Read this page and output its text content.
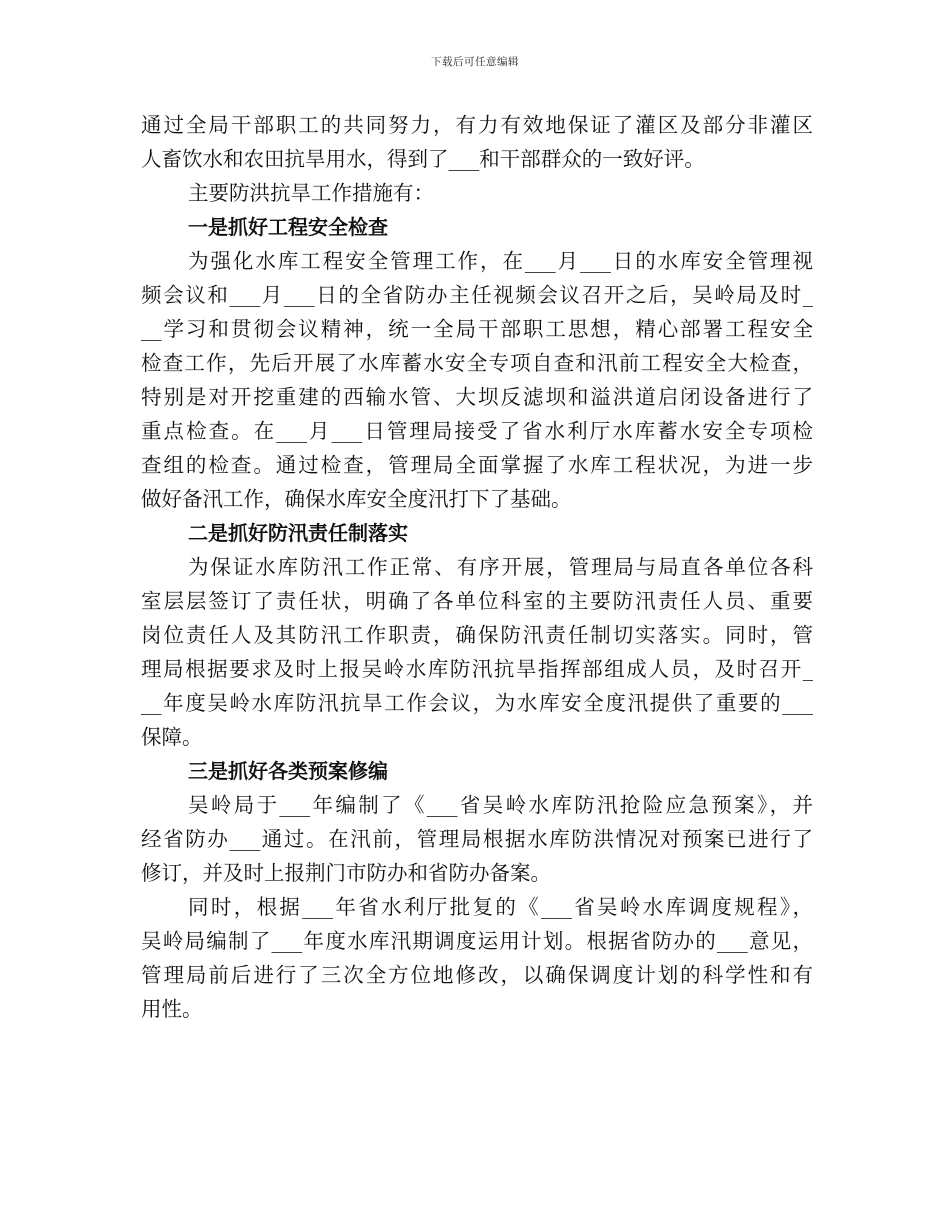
下载后可任意编辑
通过全局干部职工的共同努力，有力有效地保证了灌区及部分非灌区
人畜饮水和农田抗旱用水，得到了___和干部群众的一致好评。
主要防洪抗旱工作措施有：
一是抓好工程安全检查
为强化水库工程安全管理工作，在___月___日的水库安全管理视
频会议和___月___日的全省防办主任视频会议召开之后，吴岭局及时_
__学习和贯彻会议精神，统一全局干部职工思想，精心部署工程安全
检查工作，先后开展了水库蓄水安全专项自查和汛前工程安全大检查，
特别是对开挖重建的西输水管、大坝反滤坝和溢洪道启闭设备进行了
重点检查。在___月___日管理局接受了省水利厅水库蓄水安全专项检
查组的检查。通过检查，管理局全面掌握了水库工程状况，为进一步
做好备汛工作，确保水库安全度汛打下了基础。
二是抓好防汛责任制落实
为保证水库防汛工作正常、有序开展，管理局与局直各单位各科
室层层签订了责任状，明确了各单位科室的主要防汛责任人员、重要
岗位责任人及其防汛工作职责，确保防汛责任制切实落实。同时，管
理局根据要求及时上报吴岭水库防汛抗旱指挥部组成人员，及时召开_
__年度吴岭水库防汛抗旱工作会议，为水库安全度汛提供了重要的___
保障。
三是抓好各类预案修编
吴岭局于___年编制了《___省吴岭水库防汛抢险应急预案》，并
经省防办___通过。在汛前，管理局根据水库防洪情况对预案已进行了
修订，并及时上报荆门市防办和省防办备案。
同时，根据___年省水利厅批复的《___省吴岭水库调度规程》，
吴岭局编制了___年度水库汛期调度运用计划。根据省防办的___意见，
管理局前后进行了三次全方位地修改，以确保调度计划的科学性和有
用性。
